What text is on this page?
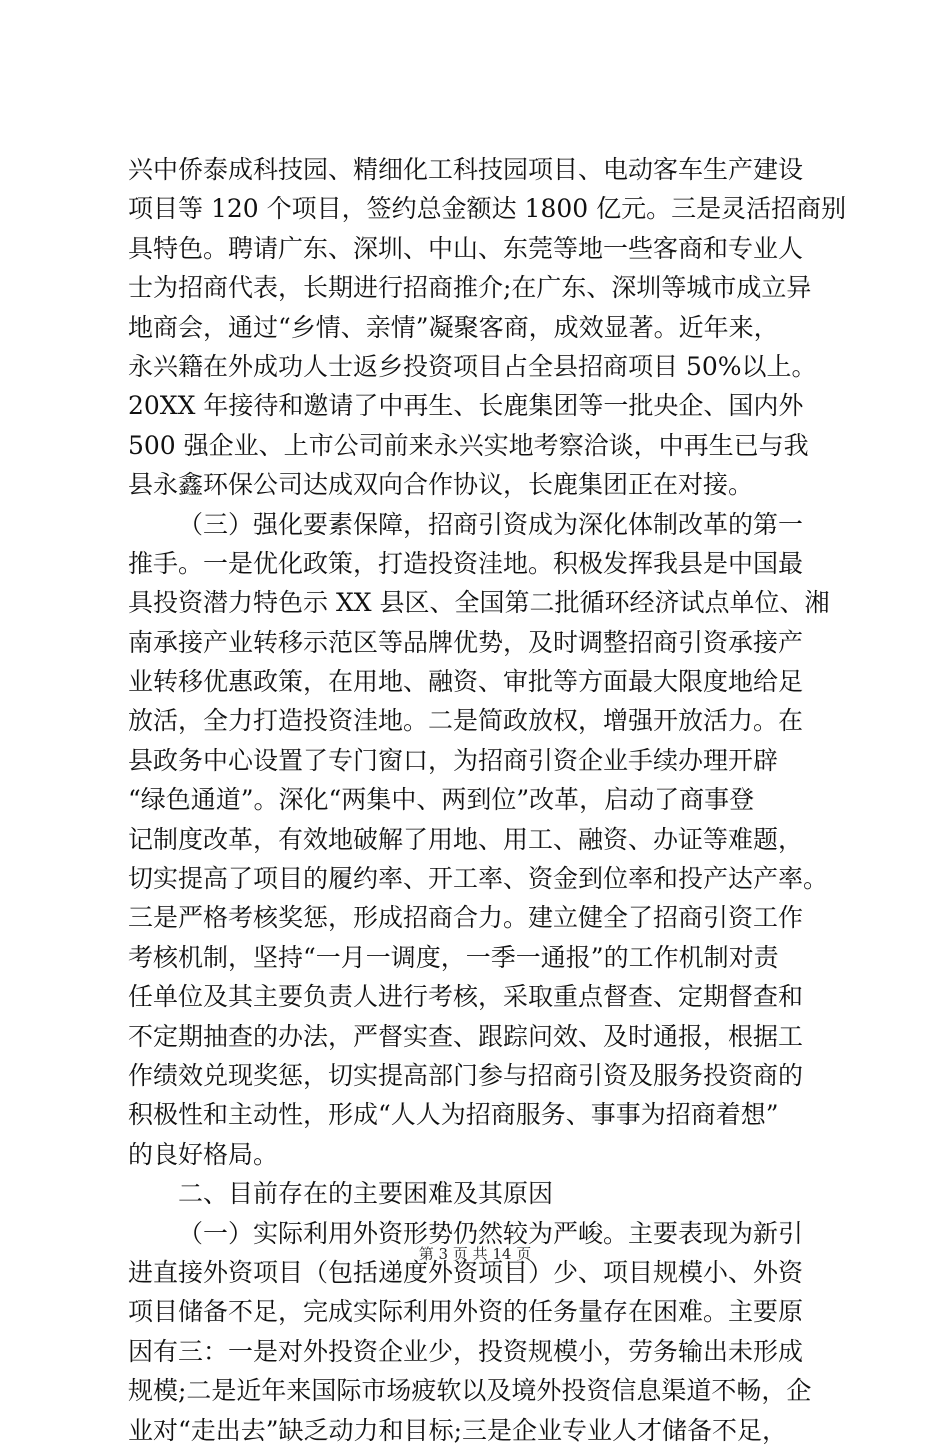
兴中侨泰成科技园、精细化工科技园项目、电动客车生产建设
项目等 120 个项目，签约总金额达 1800 亿元。三是灵活招商别
具特色。聘请广东、深圳、中山、东莞等地一些客商和专业人
士为招商代表，长期进行招商推介;在广东、深圳等城市成立异
地商会，通过“乡情、亲情”凝聚客商，成效显著。近年来，
永兴籍在外成功人士返乡投资项目占全县招商项目 50%以上。
20XX 年接待和邀请了中再生、长鹿集团等一批央企、国内外
500 强企业、上市公司前来永兴实地考察洽谈，中再生已与我
县永鑫环保公司达成双向合作协议，长鹿集团正在对接。
（三）强化要素保障，招商引资成为深化体制改革的第一
推手。一是优化政策，打造投资洼地。积极发挥我县是中国最
具投资潜力特色示 XX 县区、全国第二批循环经济试点单位、湘
南承接产业转移示范区等品牌优势，及时调整招商引资承接产
业转移优惠政策，在用地、融资、审批等方面最大限度地给足
放活，全力打造投资洼地。二是简政放权，增强开放活力。在
县政务中心设置了专门窗口，为招商引资企业手续办理开辟
“绿色通道”。深化“两集中、两到位”改革，启动了商事登
记制度改革，有效地破解了用地、用工、融资、办证等难题，
切实提高了项目的履约率、开工率、资金到位率和投产达产率。
三是严格考核奖惩，形成招商合力。建立健全了招商引资工作
考核机制，坚持“一月一调度，一季一通报”的工作机制对责
任单位及其主要负责人进行考核，采取重点督查、定期督查和
不定期抽查的办法，严督实查、跟踪问效、及时通报，根据工
作绩效兑现奖惩，切实提高部门参与招商引资及服务投资商的
积极性和主动性，形成“人人为招商服务、事事为招商着想”
的良好格局。
二、目前存在的主要困难及其原因
（一）实际利用外资形势仍然较为严峻。主要表现为新引
进直接外资项目（包括递度外资项目）少、项目规模小、外资
项目储备不足，完成实际利用外资的任务量存在困难。主要原
因有三：一是对外投资企业少，投资规模小，劳务输出未形成
规模;二是近年来国际市场疲软以及境外投资信息渠道不畅，企
业对“走出去”缺乏动力和目标;三是企业专业人才储备不足，
第 3 页 共 14 页
